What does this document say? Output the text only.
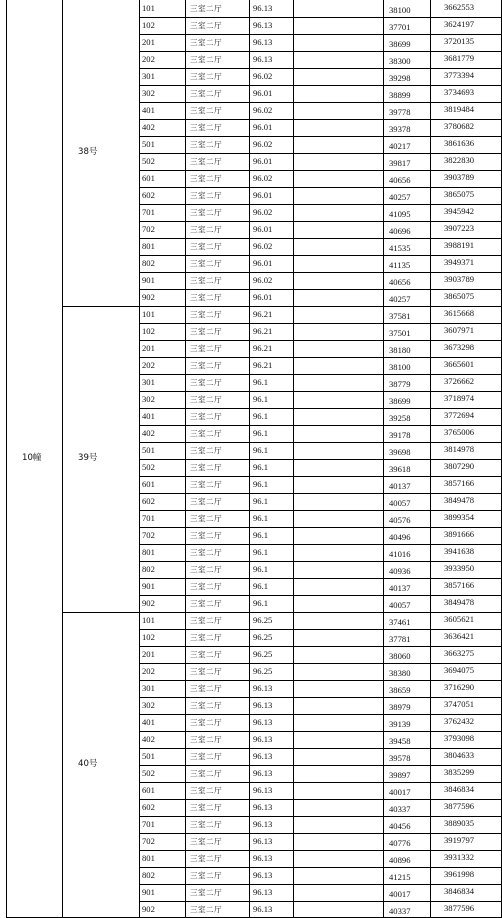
10幢
38号
101	三室二厅	96.13	38100	3662553
102	三室二厅	96.13	37701	3624197
201	三室二厅	96.13	38699	3720135
202	三室二厅	96.13	38300	3681779
301	三室二厅	96.02	39298	3773394
302	三室二厅	96.01	38899	3734693
401	三室二厅	96.02	39778	3819484
402	三室二厅	96.01	39378	3780682
501	三室二厅	96.02	40217	3861636
502	三室二厅	96.01	39817	3822830
601	三室二厅	96.02	40656	3903789
602	三室二厅	96.01	40257	3865075
701	三室二厅	96.02	41095	3945942
702	三室二厅	96.01	40696	3907223
801	三室二厅	96.02	41535	3988191
802	三室二厅	96.01	41135	3949371
901	三室二厅	96.02	40656	3903789
902	三室二厅	96.01	40257	3865075
39号
101	三室二厅	96.21	37581	3615668
102	三室二厅	96.21	37501	3607971
201	三室二厅	96.21	38180	3673298
202	三室二厅	96.21	38100	3665601
301	三室二厅	96.1	38779	3726662
302	三室二厅	96.1	38699	3718974
401	三室二厅	96.1	39258	3772694
402	三室二厅	96.1	39178	3765006
501	三室二厅	96.1	39698	3814978
502	三室二厅	96.1	39618	3807290
601	三室二厅	96.1	40137	3857166
602	三室二厅	96.1	40057	3849478
701	三室二厅	96.1	40576	3899354
702	三室二厅	96.1	40496	3891666
801	三室二厅	96.1	41016	3941638
802	三室二厅	96.1	40936	3933950
901	三室二厅	96.1	40137	3857166
902	三室二厅	96.1	40057	3849478
40号
101	三室二厅	96.25	37461	3605621
102	三室二厅	96.25	37781	3636421
201	三室二厅	96.25	38060	3663275
202	三室二厅	96.25	38380	3694075
301	三室二厅	96.13	38659	3716290
302	三室二厅	96.13	38979	3747051
401	三室二厅	96.13	39139	3762432
402	三室二厅	96.13	39458	3793098
501	三室二厅	96.13	39578	3804633
502	三室二厅	96.13	39897	3835299
601	三室二厅	96.13	40017	3846834
602	三室二厅	96.13	40337	3877596
701	三室二厅	96.13	40456	3889035
702	三室二厅	96.13	40776	3919797
801	三室二厅	96.13	40896	3931332
802	三室二厅	96.13	41215	3961998
901	三室二厅	96.13	40017	3846834
902	三室二厅	96.13	40337	3877596
